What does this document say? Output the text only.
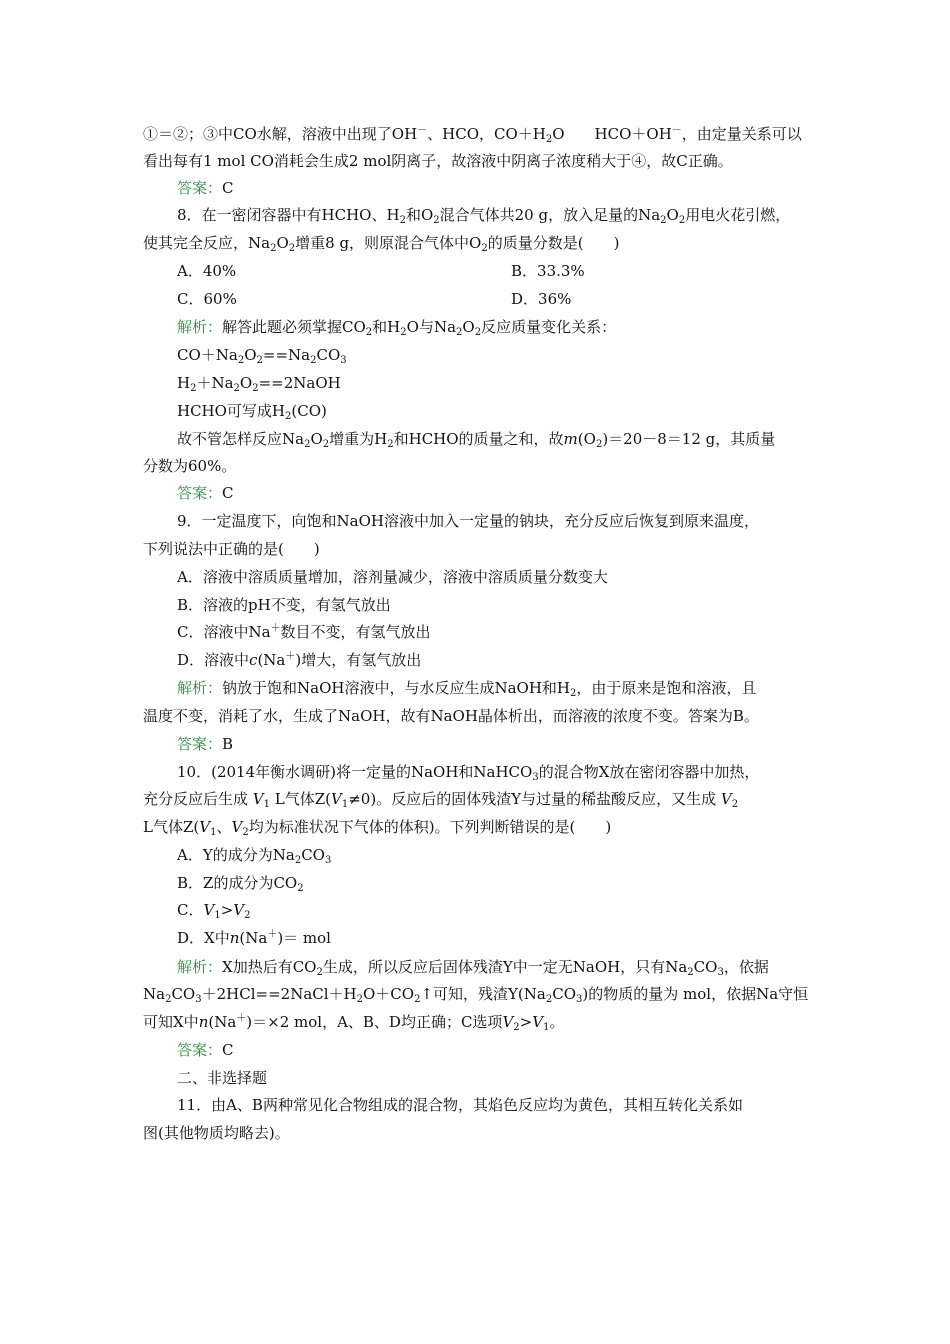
①＝②；③中CO水解，溶液中出现了OH－、HCO，$CO+H_2O$　　HCO＋OH－，由定量关系可以
看出每有1 mol CO消耗会生成2 mol阴离子，故溶液中阴离子浓度稍大于④，故C正确。
答案：C
8．在一密闭容器中有HCHO、$H_2$和$O_2$混合气体共20 g，放入足量的$Na_2O_2$用电火花引燃，
使其完全反应，$Na_2O_2$增重8 g，则原混合气体中$O_2$的质量分数是(　　)
A．40%	B．33.3%
C．60%	D．36%
解析：解答此题必须掌握$CO_2$和$H_2O$与$Na_2O_2$反应质量变化关系：
$CO+Na_2O_2==Na_2CO_3$
$H_2+Na_2O_2==2NaOH$
HCHO可写成$H_2(CO)$
故不管怎样反应$Na_2O_2$增重为$H_2$和HCHO的质量之和，故$m(O_2)=20-8=12$ g，其质量
分数为60%。
答案：C
9．一定温度下，向饱和NaOH溶液中加入一定量的钠块，充分反应后恢复到原来温度，
下列说法中正确的是(　　)
A．溶液中溶质质量增加，溶剂量减少，溶液中溶质质量分数变大
B．溶液的pH不变，有氢气放出
C．溶液中Na＋数目不变，有氢气放出
D．溶液中c(Na＋)增大，有氢气放出
解析：钠放于饱和NaOH溶液中，与水反应生成NaOH和$H_2$，由于原来是饱和溶液，且
温度不变，消耗了水，生成了NaOH，故有NaOH晶体析出，而溶液的浓度不变。答案为B。
答案：B
10．(2014年衡水调研)将一定量的NaOH和NaHCO$_3$的混合物X放在密闭容器中加热，
充分反应后生成 $V_1$ L气体$Z(V_1\ne 0)$。反应后的固体残渣Y与过量的稀盐酸反应，又生成 $V_2$
L气体$Z(V_1$、$V_2$均为标准状况下气体的体积)。下列判断错误的是(　　)
A．Y的成分为$Na_2CO_3$
B．Z的成分为$CO_2$
C．$V_1>V_2$
D．X中n(Na＋)＝ mol
解析：X加热后有$CO_2$生成，所以反应后固体残渣Y中一定无NaOH，只有$Na_2CO_3$，依据
$Na_2CO_3+2HCl==2NaCl+H_2O+CO_2↑$可知，残渣$Y(Na_2CO_3)$的物质的量为 mol，依据Na守恒
可知X中n(Na＋)＝×2 mol，A、B、D均正确；C选项$V_2>V_1$。
答案：C
二、非选择题
11．由A、B两种常见化合物组成的混合物，其焰色反应均为黄色，其相互转化关系如
图(其他物质均略去)。
